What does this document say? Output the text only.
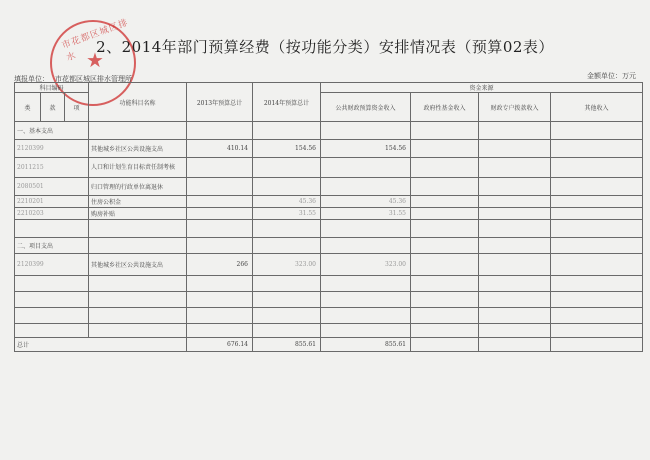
市花都区城区排水 ★
2、2014年部门预算经费（按功能分类）安排情况表（预算02表）
填报单位： 市花都区城区排水管理所	金额单位：万元
科目编码			功能科目名称	2013年预算总计	2014年预算总计	资金来源			
类	款	项				公共财政预算资金收入	政府性基金收入	财政专户拨款收入	其他收入

一、基本支出									
2120399			其他城乡社区公共设施支出	410.14	154.56	154.56			
2011215			人口和计划生育目标责任制考核						
2080501			归口管理的行政单位离退休						
2210201			住房公积金		45.36	45.36			
2210203			购房补贴		31.55	31.55			

二、项目支出									
2120399			其他城乡社区公共设施支出	266	323.00	323.00			

总计				676.14	855.61	855.61			
